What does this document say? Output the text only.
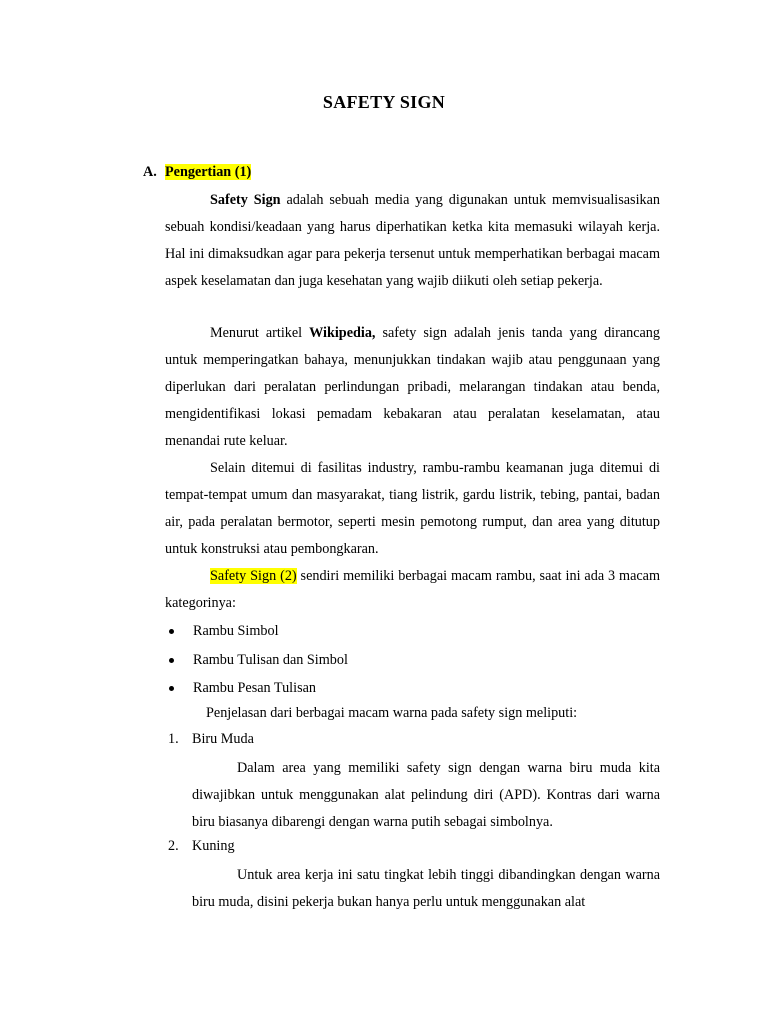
SAFETY SIGN
A. Pengertian (1)

Safety Sign adalah sebuah media yang digunakan untuk memvisualisasikan sebuah kondisi/keadaan yang harus diperhatikan ketka kita memasuki wilayah kerja. Hal ini dimaksudkan agar para pekerja tersenut untuk memperhatikan berbagai macam aspek keselamatan dan juga kesehatan yang wajib diikuti oleh setiap pekerja.

Menurut artikel Wikipedia, safety sign adalah jenis tanda yang dirancang untuk memperingatkan bahaya, menunjukkan tindakan wajib atau penggunaan yang diperlukan dari peralatan perlindungan pribadi, melarangan tindakan atau benda, mengidentifikasi lokasi pemadam kebakaran atau peralatan keselamatan, atau menandai rute keluar.

Selain ditemui di fasilitas industry, rambu-rambu keamanan juga ditemui di tempat-tempat umum dan masyarakat, tiang listrik, gardu listrik, tebing, pantai, badan air, pada peralatan bermotor, seperti mesin pemotong rumput, dan area yang ditutup untuk konstruksi atau pembongkaran.

Safety Sign (2) sendiri memiliki berbagai macam rambu, saat ini ada 3 macam kategorinya:

Rambu Simbol
Rambu Tulisan dan Simbol
Rambu Pesan Tulisan

Penjelasan dari berbagai macam warna pada safety sign meliputi:

1. Biru Muda

Dalam area yang memiliki safety sign dengan warna biru muda kita diwajibkan untuk menggunakan alat pelindung diri (APD). Kontras dari warna biru biasanya dibarengi dengan warna putih sebagai simbolnya.

2. Kuning

Untuk area kerja ini satu tingkat lebih tinggi dibandingkan dengan warna biru muda, disini pekerja bukan hanya perlu untuk menggunakan alat
